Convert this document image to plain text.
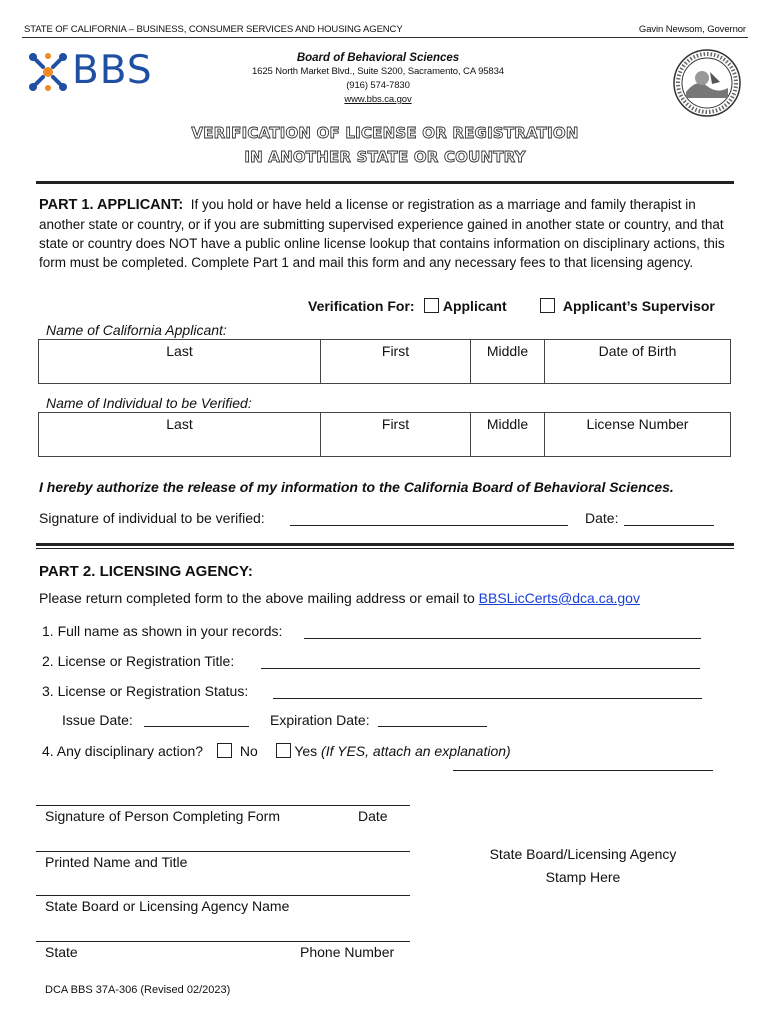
STATE OF CALIFORNIA – BUSINESS, CONSUMER SERVICES AND HOUSING AGENCY	Gavin Newsom, Governor
BBS	Board of Behavioral Sciences
1625 North Market Blvd., Suite S200, Sacramento, CA 95834
(916) 574-7830
www.bbs.ca.gov
VERIFICATION OF LICENSE OR REGISTRATION
IN ANOTHER STATE OR COUNTRY
PART 1. APPLICANT: If you hold or have held a license or registration as a marriage and family therapist in another state or country, or if you are submitting supervised experience gained in another state or country, and that state or country does NOT have a public online license lookup that contains information on disciplinary actions, this form must be completed. Complete Part 1 and mail this form and any necessary fees to that licensing agency.
Verification For: Applicant	Applicant’s Supervisor
Name of California Applicant:
Last	First	Middle	Date of Birth
Name of Individual to be Verified:
Last	First	Middle	License Number
I hereby authorize the release of my information to the California Board of Behavioral Sciences.
Signature of individual to be verified:	Date:
PART 2. LICENSING AGENCY:
Please return completed form to the above mailing address or email to BBSLicCerts@dca.ca.gov
1. Full name as shown in your records:
2. License or Registration Title:
3. License or Registration Status:
Issue Date:	Expiration Date:
4. Any disciplinary action?	No	Yes (If YES, attach an explanation)
Signature of Person Completing Form	Date
Printed Name and Title
State Board or Licensing Agency Name
State	Phone Number
State Board/Licensing Agency
Stamp Here
DCA BBS 37A-306 (Revised 02/2023)
